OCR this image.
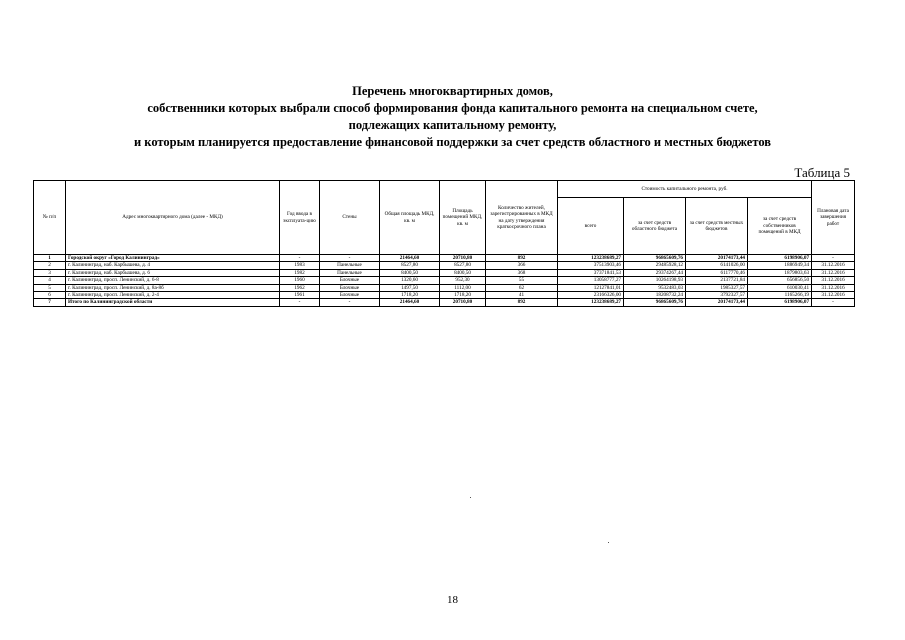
Перечень многоквартирных домов,
собственники которых выбрали способ формирования фонда капитального ремонта на специальном счете,
подлежащих капитальному ремонту,
и которым планируется предоставление финансовой поддержки за счет средств областного и местных бюджетов
Таблица 5
№ п/п	Адрес многоквартирного дома (далее - МКД)	Год ввода в эксплуата-цию	Стены	Общая площадь МКД, кв. м	Площадь помещений МКД, кв. м	Количество жителей, зарегистрированных в МКД на дату утверждения краткосрочного плана	Стоимость капитального ремонта, руб.				Плановая дата завершения работ
							всего	за счет средств областного бюджета	за счет средств местных бюджетов	за счет средств собственников помещений в МКД	
1	Городской округ «Город Калининград»	-	-	21464,60	20710,80	892	123238689,27	96865609,76	20174173,44	6198906,07	-
2	г. Калининград, наб. Карбышева, д. 4	1983	Панельные	8527,80	8527,80	366	37513903,46	29485928,12	6141026,00	1886949,34	31.12.2016
3	г. Калининград, наб. Карбышева, д. 6	1982	Панельные	8400,50	8400,50	368	37371841,53	29374267,44	6117770,46	1879803,63	31.12.2016
4	г. Калининград, просп. Ленинский, д. 6-8	1960	Блочные	1320,60	952,30	55	13058777,27	10264198,93	2137721,84	656856,50	31.12.2016
5	г. Калининград, просп. Ленинский, д. 8а-8б	1962	Блочные	1497,50	1112,00	62	12127841,01	9532483,03	1985327,57	610030,41	31.12.2016
6	г. Калининград, просп. Ленинский, д. 2-4	1961	Блочные	1718,20	1718,20	41	23166326,00	18208732,24	3792327,57	1165266,19	31.12.2016
7	Итого по Калининградской области	-	-	21464,60	20710,80	892	123238689,27	96865609,76	20174173,44	6198906,07	-
18
